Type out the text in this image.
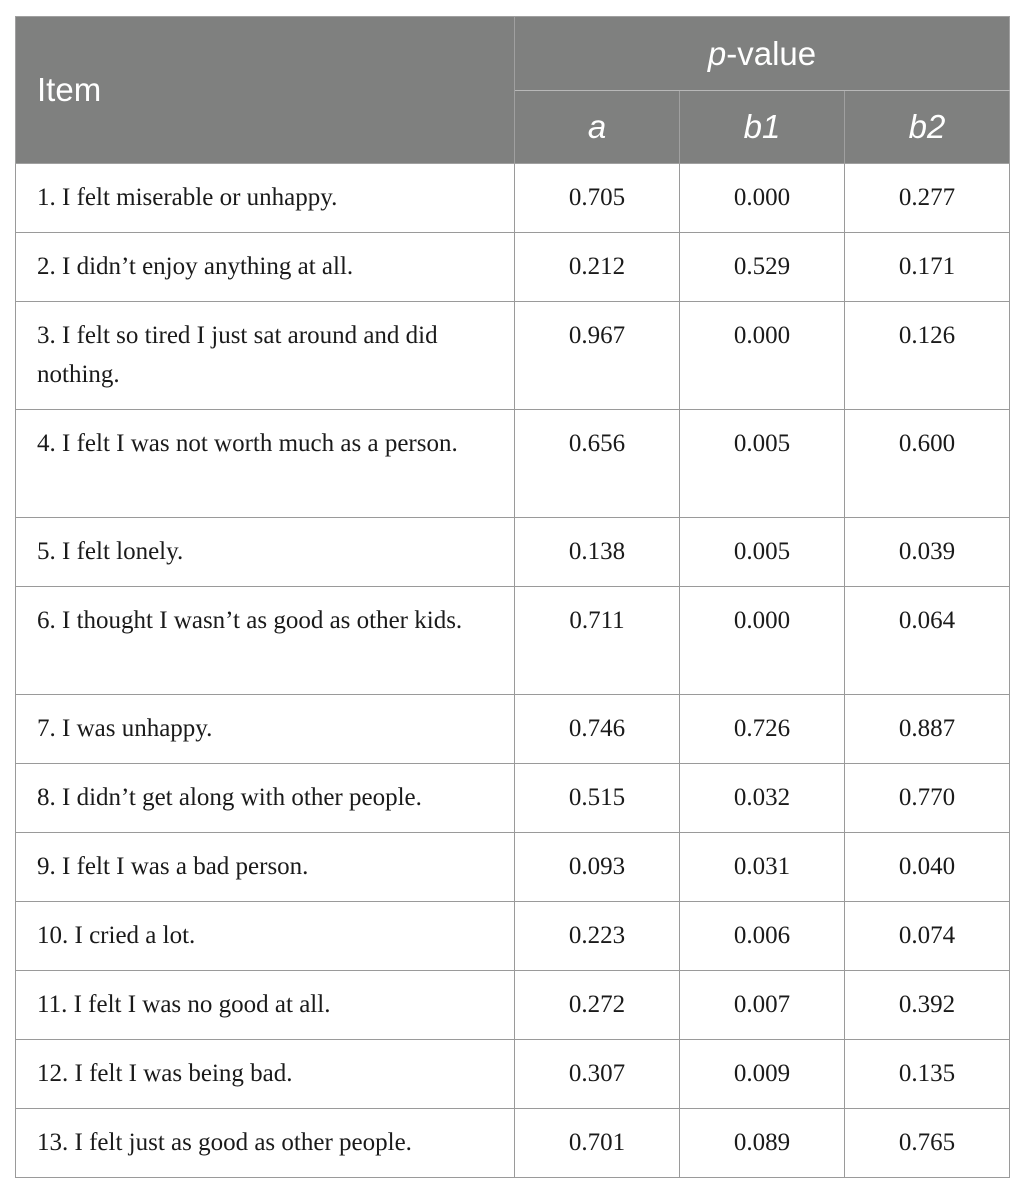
Item	p-value		
	a	b1	b2
1. I felt miserable or unhappy.	0.705	0.000	0.277
2. I didn’t enjoy anything at all.	0.212	0.529	0.171
3. I felt so tired I just sat around and did nothing.	0.967	0.000	0.126
4. I felt I was not worth much as a person.	0.656	0.005	0.600
5. I felt lonely.	0.138	0.005	0.039
6. I thought I wasn’t as good as other kids.	0.711	0.000	0.064
7. I was unhappy.	0.746	0.726	0.887
8. I didn’t get along with other people.	0.515	0.032	0.770
9. I felt I was a bad person.	0.093	0.031	0.040
10. I cried a lot.	0.223	0.006	0.074
11. I felt I was no good at all.	0.272	0.007	0.392
12. I felt I was being bad.	0.307	0.009	0.135
13. I felt just as good as other people.	0.701	0.089	0.765
